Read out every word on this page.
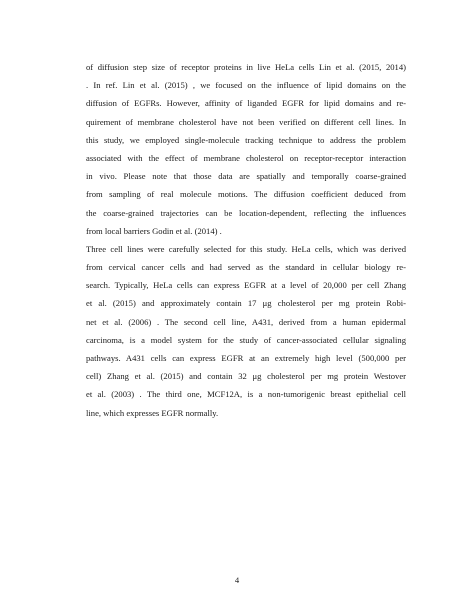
of diffusion step size of receptor proteins in live HeLa cells Lin et al. (2015, 2014)
. In ref. Lin et al. (2015) , we focused on the influence of lipid domains on the
diffusion of EGFRs. However, affinity of liganded EGFR for lipid domains and re-
quirement of membrane cholesterol have not been verified on different cell lines. In
this study, we employed single-molecule tracking technique to address the problem
associated with the effect of membrane cholesterol on receptor-receptor interaction
in vivo. Please note that those data are spatially and temporally coarse-grained
from sampling of real molecule motions. The diffusion coefficient deduced from
the coarse-grained trajectories can be location-dependent, reflecting the influences
from local barriers Godin et al. (2014) .
Three cell lines were carefully selected for this study. HeLa cells, which was derived
from cervical cancer cells and had served as the standard in cellular biology re-
search. Typically, HeLa cells can express EGFR at a level of 20,000 per cell Zhang
et al. (2015) and approximately contain 17 μg cholesterol per mg protein Robi-
net et al. (2006) . The second cell line, A431, derived from a human epidermal
carcinoma, is a model system for the study of cancer-associated cellular signaling
pathways. A431 cells can express EGFR at an extremely high level (500,000 per
cell) Zhang et al. (2015) and contain 32 μg cholesterol per mg protein Westover
et al. (2003) . The third one, MCF12A, is a non-tumorigenic breast epithelial cell
line, which expresses EGFR normally.
4
